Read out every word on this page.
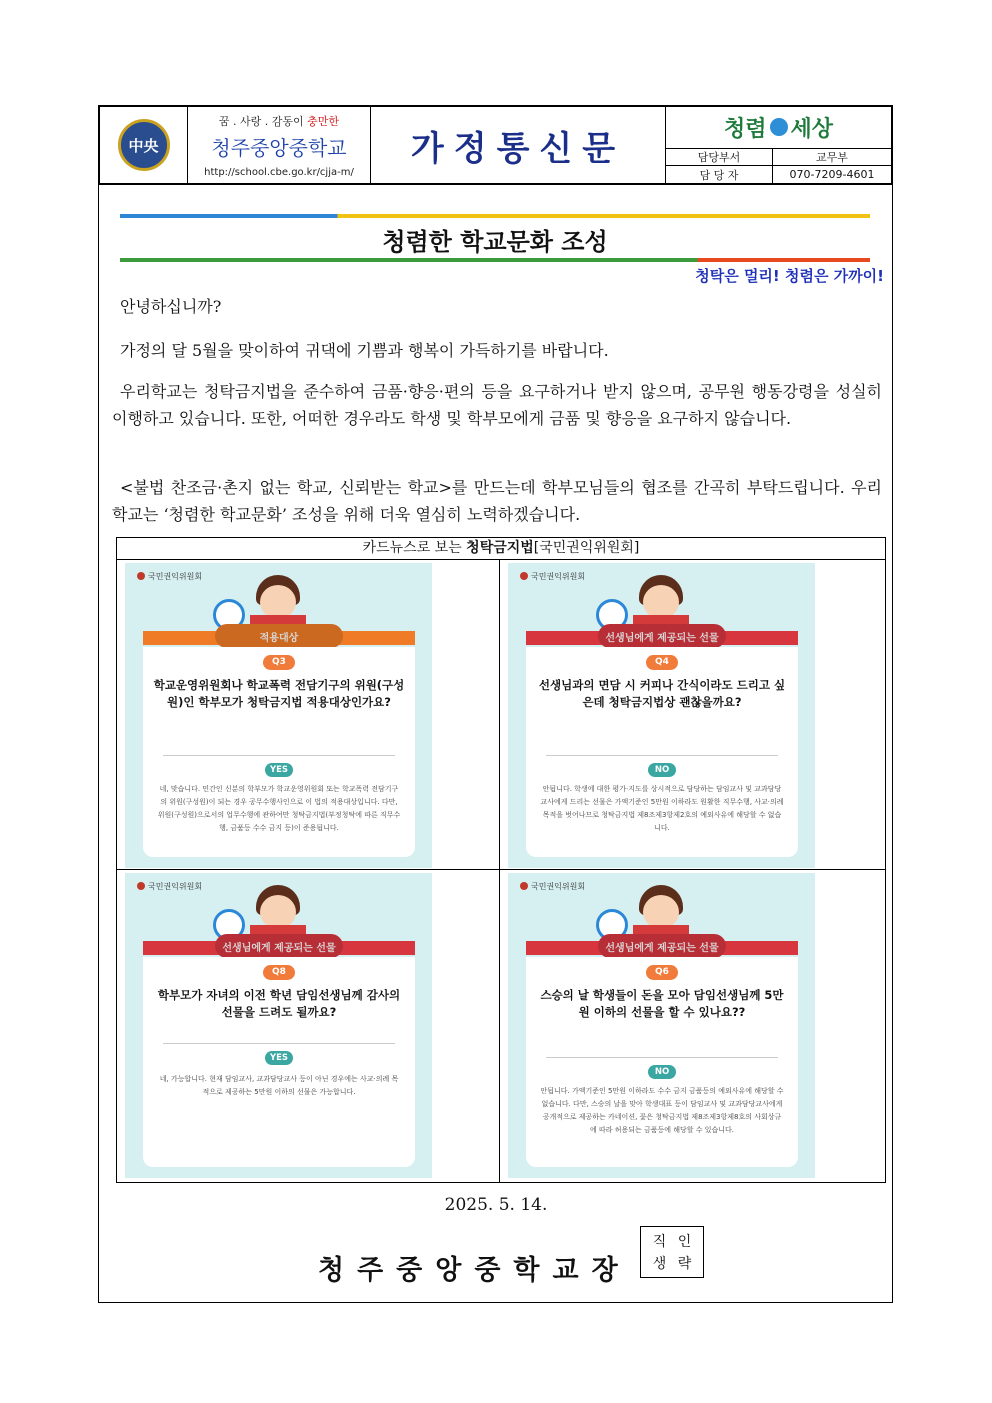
中央
꿈 . 사랑 . 감동이 충만한
청주중앙중학교
http://school.cbe.go.kr/cjja-m/
가정통신문	청렴 세상
담당부서	교무부
담 당 자	070-7209-4601
청렴한 학교문화 조성
청탁은 멀리! 청렴은 가까이!
안녕하십니까?
가정의 달 5월을 맞이하여 귀댁에 기쁨과 행복이 가득하기를 바랍니다.
우리학교는 청탁금지법을 준수하여 금품·향응·편의 등을 요구하거나 받지 않으며, 공무원 행동강령을 성실히 이행하고 있습니다. 또한, 어떠한 경우라도 학생 및 학부모에게 금품 및 향응을 요구하지 않습니다.
<불법 찬조금·촌지 없는 학교, 신뢰받는 학교>를 만드는데 학부모님들의 협조를 간곡히 부탁드립니다. 우리 학교는 ‘청렴한 학교문화’ 조성을 위해 더욱 열심히 노력하겠습니다.
카드뉴스로 보는 청탁금지법[국민권익위원회]
국민권익위원회
적용대상
Q3
학교운영위원회나 학교폭력 전담기구의 위원(구성원)인 학부모가 청탁금지법 적용대상인가요?
YES
네, 맞습니다. 민간인 신분의 학부모가 학교운영위원회 또는 학교폭력 전담기구의 위원(구성원)이 되는 경우 공무수행사인으로 이 법의 적용대상입니다. 다만, 위원(구성원)으로서의 업무수행에 관하여만 청탁금지법(부정청탁에 따른 직무수행, 금품등 수수 금지 등)이 준용됩니다.
국민권익위원회
선생님에게 제공되는 선물
Q4
선생님과의 면담 시 커피나 간식이라도 드리고 싶은데 청탁금지법상 괜찮을까요?
NO
안됩니다. 학생에 대한 평가·지도를 상시적으로 담당하는 담임교사 및 교과담당교사에게 드리는 선물은 가액기준인 5만원 이하라도 원활한 직무수행, 사교·의례 목적을 벗어나므로 청탁금지법 제8조제3항제2호의 예외사유에 해당할 수 없습니다.
국민권익위원회
선생님에게 제공되는 선물
Q8
학부모가 자녀의 이전 학년 담임선생님께 감사의 선물을 드려도 될까요?
YES
네, 가능합니다. 현재 담임교사, 교과담당교사 등이 아닌 경우에는 사교·의례 목적으로 제공하는 5만원 이하의 선물은 가능합니다.
국민권익위원회
선생님에게 제공되는 선물
Q6
스승의 날 학생들이 돈을 모아 담임선생님께 5만원 이하의 선물을 할 수 있나요??
NO
안됩니다. 가액기준인 5만원 이하라도 수수 금지 금품등의 예외사유에 해당할 수 없습니다. 다만, 스승의 날을 맞아 학생대표 등이 담임교사 및 교과담당교사에게 공개적으로 제공하는 카네이션, 꽃은 청탁금지법 제8조제3항제8호의 사회상규에 따라 허용되는 금품등에 해당할 수 있습니다.
2025. 5. 14.
청주중앙중학교장
직 인
생 략
